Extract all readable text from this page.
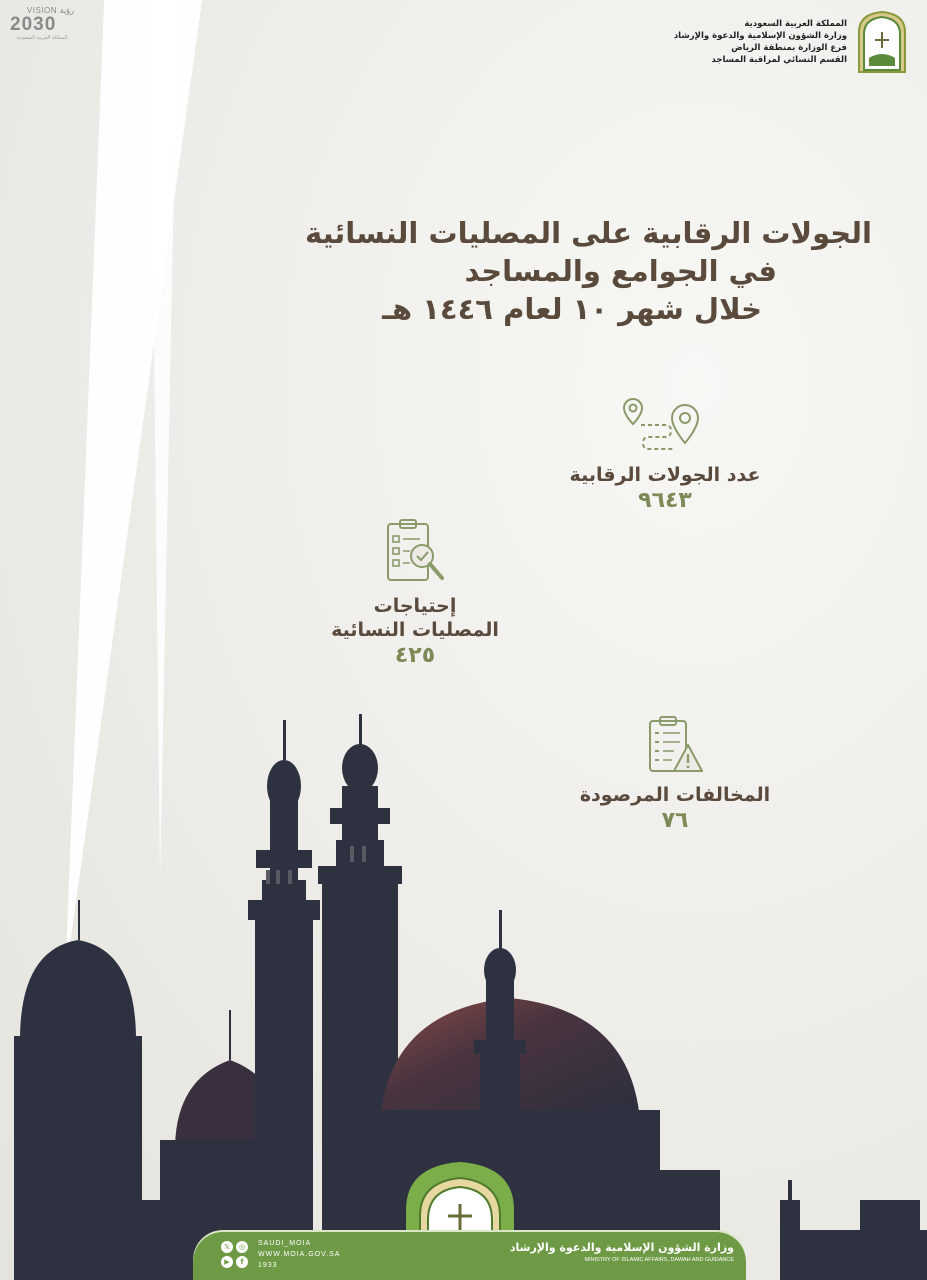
VISION رؤية
2030
المملكة العربية السعودية
المملكة العربية السعودية
وزارة الشؤون الإسلامية والدعوة والإرشاد
فرع الوزارة بمنطقة الرياض
القسم النسائي لمراقبة المساجد
الجولات الرقابية على المصليات النسائية
في الجوامع والمساجد
خلال شهر ١٠ لعام ١٤٤٦ هـ
عدد الجولات الرقابية
٩٦٤٣
إحتياجات
المصليات النسائية
٤٢٥
المخالفات المرصودة
٧٦
𝕏	◎
▶	f
SAUDI_MOIA
WWW.MOIA.GOV.SA
1933
وزارة الشؤون الإسلامية والدعوة والإرشاد
MINISTRY OF ISLAMIC AFFAIRS, DAWAH AND GUIDANCE
